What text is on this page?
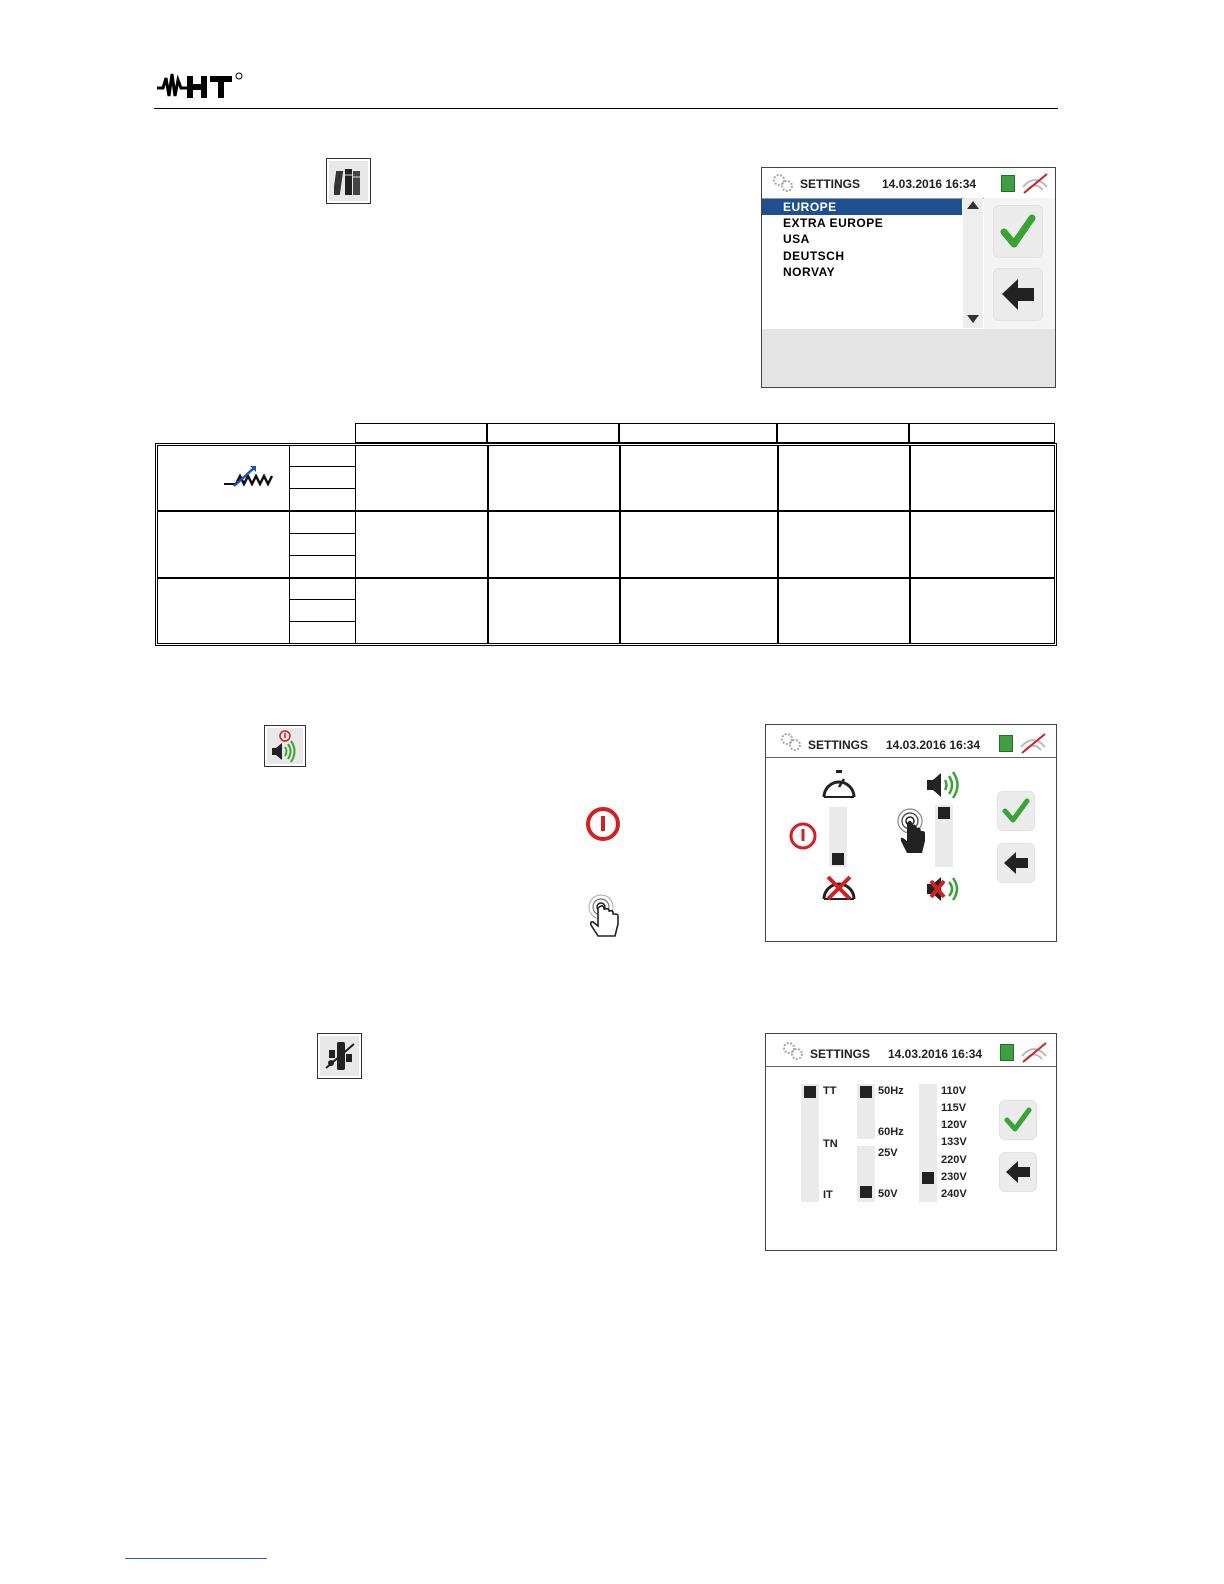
SETTINGS 14.03.2016 16:34
EUROPE
EXTRA EUROPE
USA
DEUTSCH
NORVAY
SETTINGS 14.03.2016 16:34
SETTINGS 14.03.2016 16:34
TT
TN
IT
50Hz
60Hz
25V
50V
110V
115V
120V
133V
220V
230V
240V
